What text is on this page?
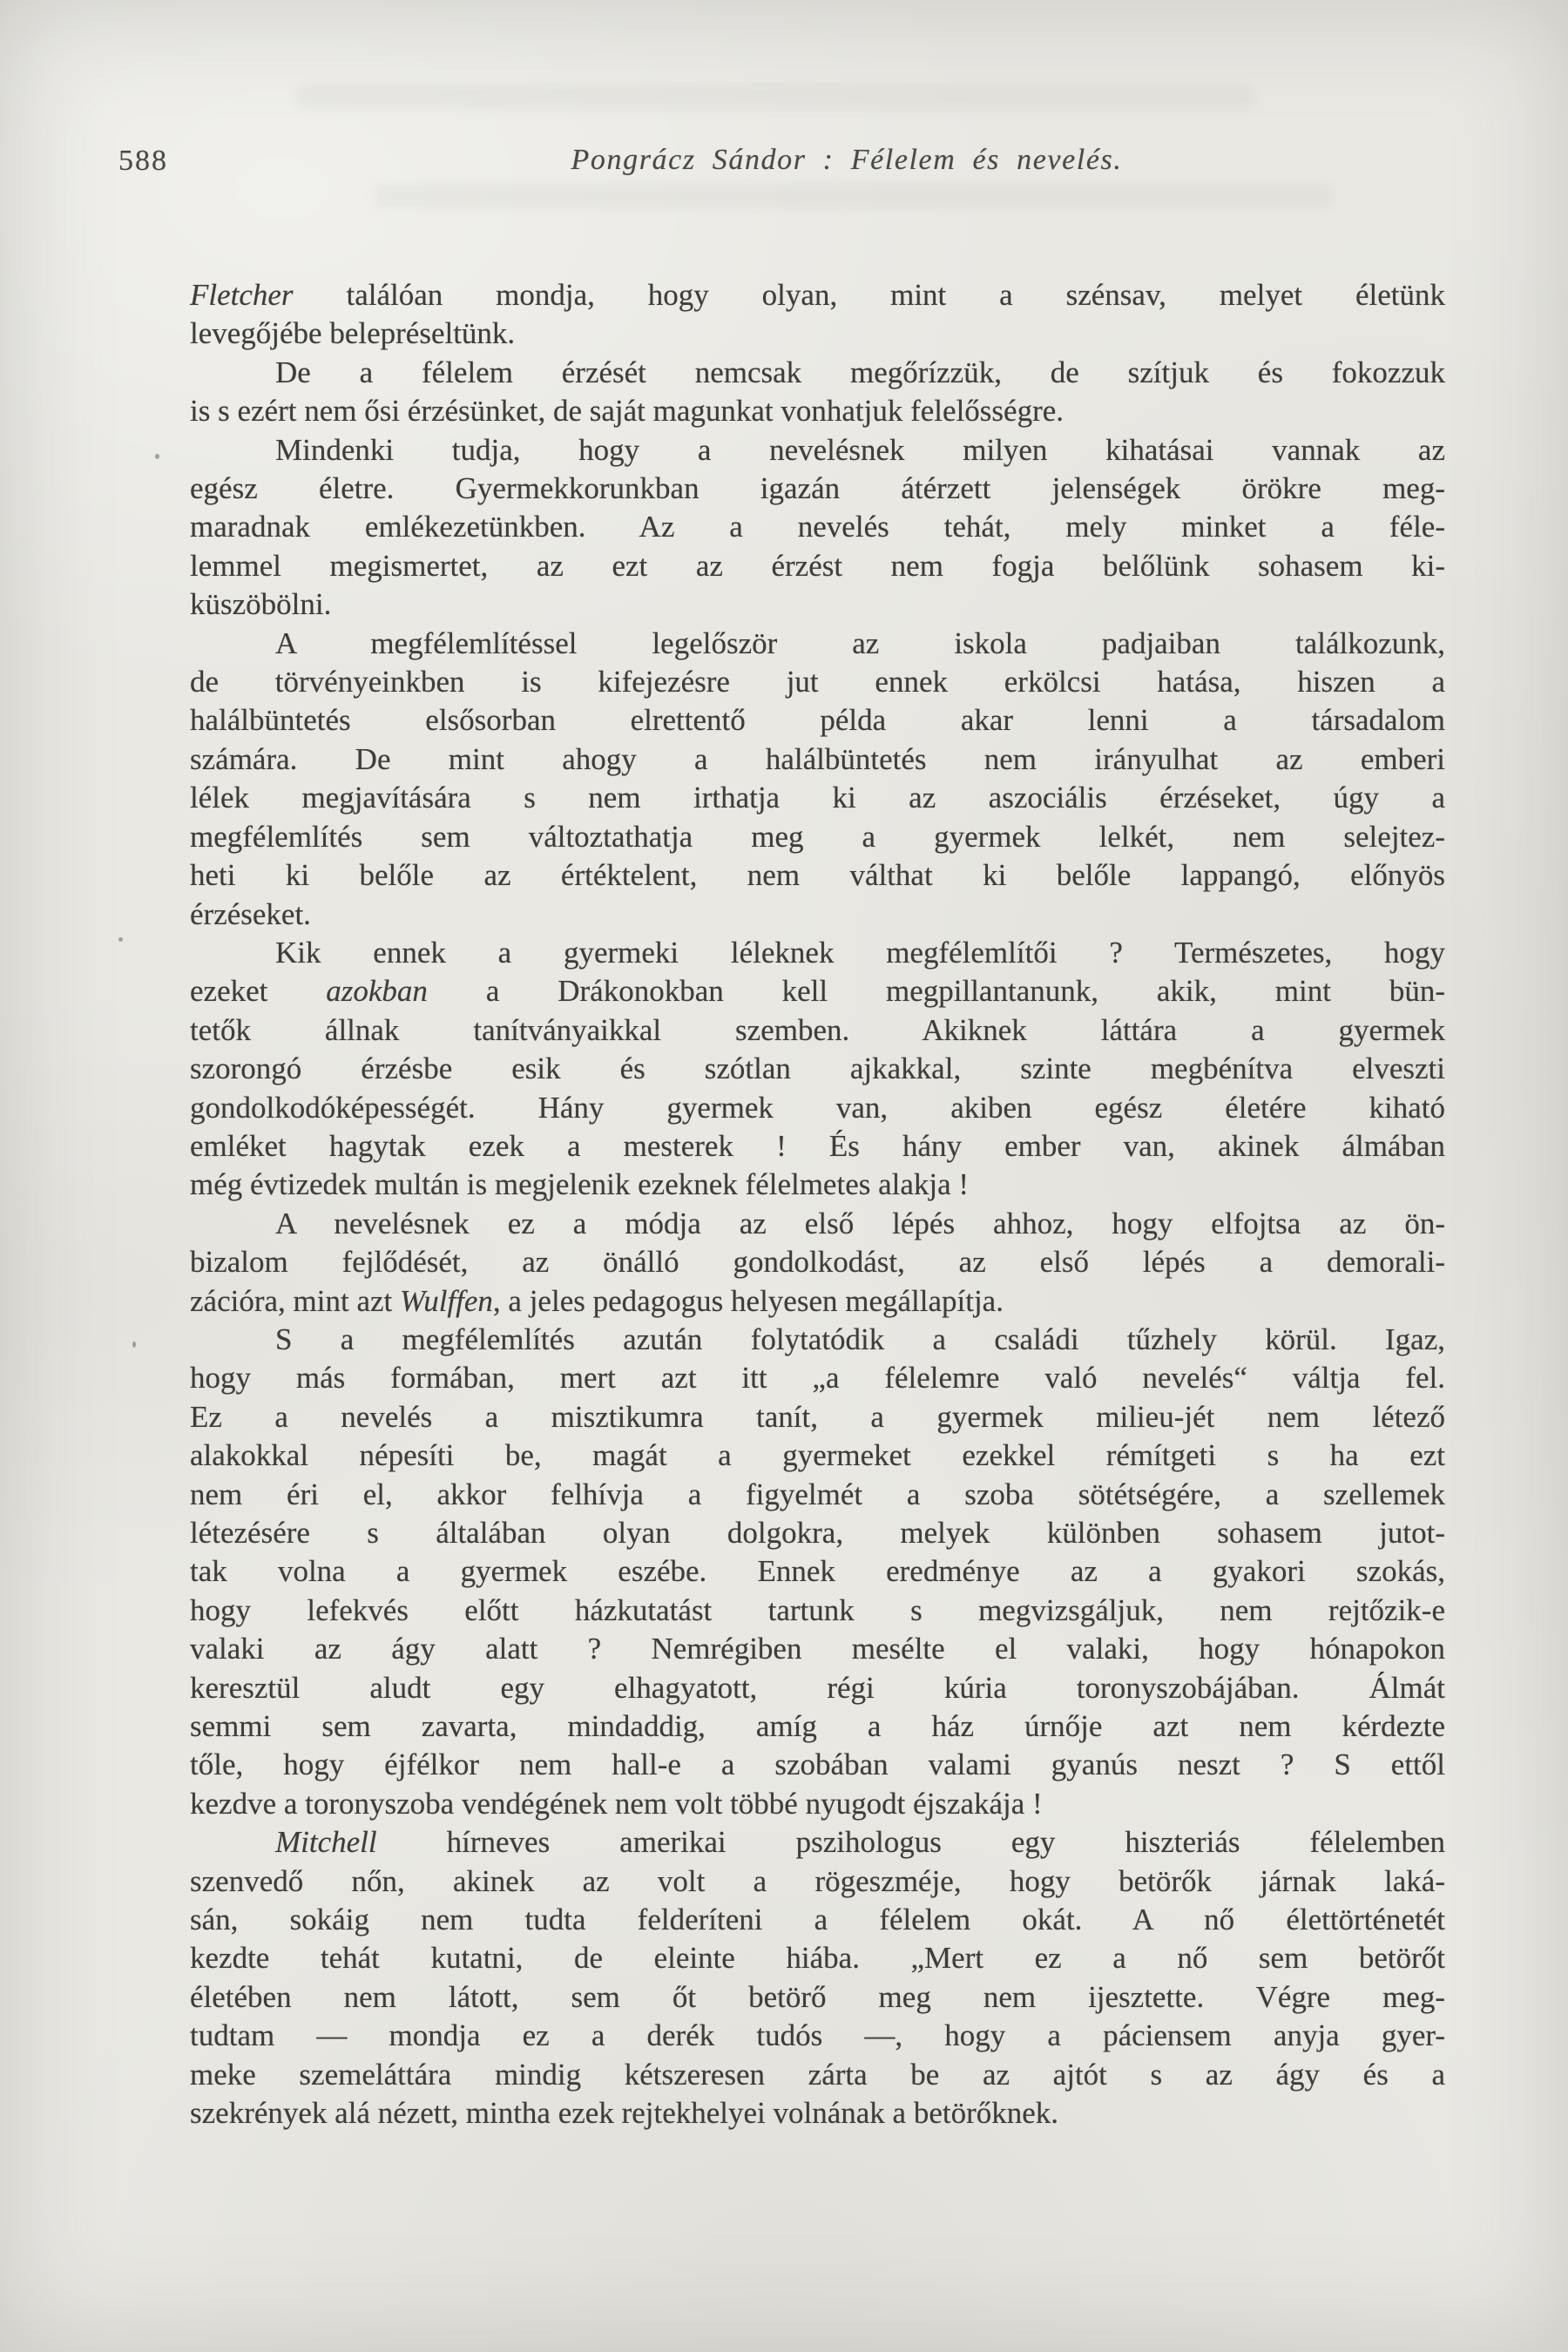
588	Pongrácz Sándor : Félelem és nevelés.
Fletcher találóan mondja, hogy olyan, mint a szénsav, melyet életünk
levegőjébe belepréseltünk.
De a félelem érzését nemcsak megőrízzük, de szítjuk és fokozzuk
is s ezért nem ősi érzésünket, de saját magunkat vonhatjuk felelősségre.
Mindenki tudja, hogy a nevelésnek milyen kihatásai vannak az
egész életre. Gyermekkorunkban igazán átérzett jelenségek örökre meg-
maradnak emlékezetünkben. Az a nevelés tehát, mely minket a féle-
lemmel megismertet, az ezt az érzést nem fogja belőlünk sohasem ki-
küszöbölni.
A megfélemlítéssel legelőször az iskola padjaiban találkozunk,
de törvényeinkben is kifejezésre jut ennek erkölcsi hatása, hiszen a
halálbüntetés elsősorban elrettentő példa akar lenni a társadalom
számára. De mint ahogy a halálbüntetés nem irányulhat az emberi
lélek megjavítására s nem irthatja ki az aszociális érzéseket, úgy a
megfélemlítés sem változtathatja meg a gyermek lelkét, nem selejtez-
heti ki belőle az értéktelent, nem válthat ki belőle lappangó, előnyös
érzéseket.
Kik ennek a gyermeki léleknek megfélemlítői ? Természetes, hogy
ezeket azokban a Drákonokban kell megpillantanunk, akik, mint bün-
tetők állnak tanítványaikkal szemben. Akiknek láttára a gyermek
szorongó érzésbe esik és szótlan ajkakkal, szinte megbénítva elveszti
gondolkodóképességét. Hány gyermek van, akiben egész életére kiható
emléket hagytak ezek a mesterek ! És hány ember van, akinek álmában
még évtizedek multán is megjelenik ezeknek félelmetes alakja !
A nevelésnek ez a módja az első lépés ahhoz, hogy elfojtsa az ön-
bizalom fejlődését, az önálló gondolkodást, az első lépés a demorali-
zációra, mint azt Wulffen, a jeles pedagogus helyesen megállapítja.
S a megfélemlítés azután folytatódik a családi tűzhely körül. Igaz,
hogy más formában, mert azt itt „a félelemre való nevelés“ váltja fel.
Ez a nevelés a misztikumra tanít, a gyermek milieu-jét nem létező
alakokkal népesíti be, magát a gyermeket ezekkel rémítgeti s ha ezt
nem éri el, akkor felhívja a figyelmét a szoba sötétségére, a szellemek
létezésére s általában olyan dolgokra, melyek különben sohasem jutot-
tak volna a gyermek eszébe. Ennek eredménye az a gyakori szokás,
hogy lefekvés előtt házkutatást tartunk s megvizsgáljuk, nem rejtőzik-e
valaki az ágy alatt ? Nemrégiben mesélte el valaki, hogy hónapokon
keresztül aludt egy elhagyatott, régi kúria toronyszobájában. Álmát
semmi sem zavarta, mindaddig, amíg a ház úrnője azt nem kérdezte
tőle, hogy éjfélkor nem hall-e a szobában valami gyanús neszt ? S ettől
kezdve a toronyszoba vendégének nem volt többé nyugodt éjszakája !
Mitchell hírneves amerikai pszihologus egy hiszteriás félelemben
szenvedő nőn, akinek az volt a rögeszméje, hogy betörők járnak laká-
sán, sokáig nem tudta felderíteni a félelem okát. A nő élettörténetét
kezdte tehát kutatni, de eleinte hiába. „Mert ez a nő sem betörőt
életében nem látott, sem őt betörő meg nem ijesztette. Végre meg-
tudtam — mondja ez a derék tudós —, hogy a páciensem anyja gyer-
meke szemeláttára mindig kétszeresen zárta be az ajtót s az ágy és a
szekrények alá nézett, mintha ezek rejtekhelyei volnának a betörőknek.
